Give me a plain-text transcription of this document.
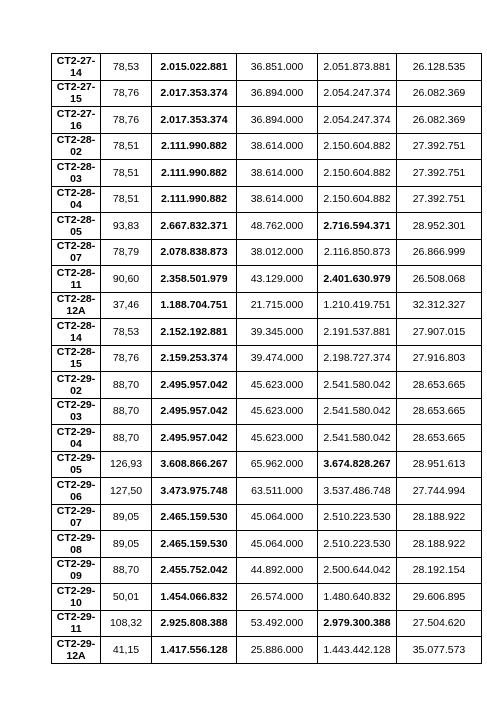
CT2-27-14	78,53	2.015.022.881	36.851.000	2.051.873.881	26.128.535
CT2-27-15	78,76	2.017.353.374	36.894.000	2.054.247.374	26.082.369
CT2-27-16	78,76	2.017.353.374	36.894.000	2.054.247.374	26.082.369
CT2-28-02	78,51	2.111.990.882	38.614.000	2.150.604.882	27.392.751
CT2-28-03	78,51	2.111.990.882	38.614.000	2.150.604.882	27.392.751
CT2-28-04	78,51	2.111.990.882	38.614.000	2.150.604.882	27.392.751
CT2-28-05	93,83	2.667.832.371	48.762.000	2.716.594.371	28.952.301
CT2-28-07	78,79	2.078.838.873	38.012.000	2.116.850.873	26.866.999
CT2-28-11	90,60	2.358.501.979	43.129.000	2.401.630.979	26.508.068
CT2-28-12A	37,46	1.188.704.751	21.715.000	1.210.419.751	32.312.327
CT2-28-14	78,53	2.152.192.881	39.345.000	2.191.537.881	27.907.015
CT2-28-15	78,76	2.159.253.374	39.474.000	2.198.727.374	27.916.803
CT2-29-02	88,70	2.495.957.042	45.623.000	2.541.580.042	28.653.665
CT2-29-03	88,70	2.495.957.042	45.623.000	2.541.580.042	28.653.665
CT2-29-04	88,70	2.495.957.042	45.623.000	2.541.580.042	28.653.665
CT2-29-05	126,93	3.608.866.267	65.962.000	3.674.828.267	28.951.613
CT2-29-06	127,50	3.473.975.748	63.511.000	3.537.486.748	27.744.994
CT2-29-07	89,05	2.465.159.530	45.064.000	2.510.223.530	28.188.922
CT2-29-08	89,05	2.465.159.530	45.064.000	2.510.223.530	28.188.922
CT2-29-09	88,70	2.455.752.042	44.892.000	2.500.644.042	28.192.154
CT2-29-10	50,01	1.454.066.832	26.574.000	1.480.640.832	29.606.895
CT2-29-11	108,32	2.925.808.388	53.492.000	2.979.300.388	27.504.620
CT2-29-12A	41,15	1.417.556.128	25.886.000	1.443.442.128	35.077.573
